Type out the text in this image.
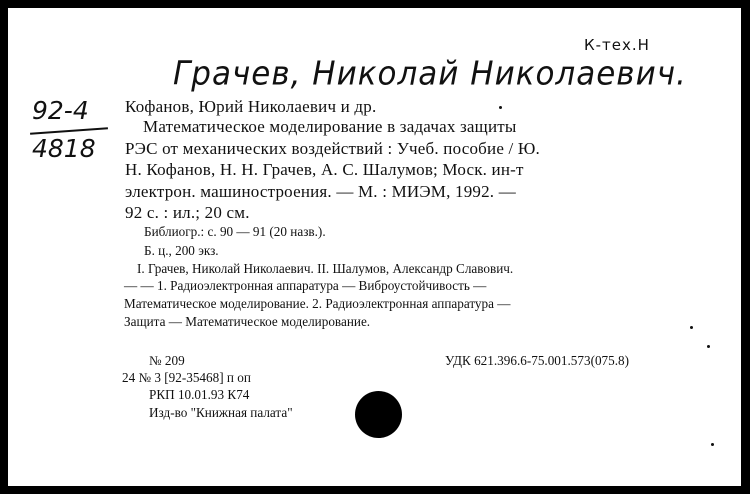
К-тех.Н
Грачев, Николай Николаевич.
92-4
4818
Кофанов, Юрий Николаевич и др.
Математическое моделирование в задачах защиты
РЭС от механических воздействий : Учеб. пособие / Ю.
Н. Кофанов, Н. Н. Грачев, А. С. Шалумов; Моск. ин-т
электрон. машиностроения. — М. : МИЭМ, 1992. —
92 с. : ил.; 20 см.
Библиогр.: с. 90 — 91 (20 назв.).
Б. ц., 200 экз.
I. Грачев, Николай Николаевич. II. Шалумов, Александр Славович.
— — 1. Радиоэлектронная аппаратура — Виброустойчивость —
Математическое моделирование. 2. Радиоэлектронная аппаратура —
Защита — Математическое моделирование.
№ 209	УДК 621.396.6-75.001.573(075.8)
24 № 3 [92-35468] п оп
РКП 10.01.93 К74
Изд-во "Книжная палата"
